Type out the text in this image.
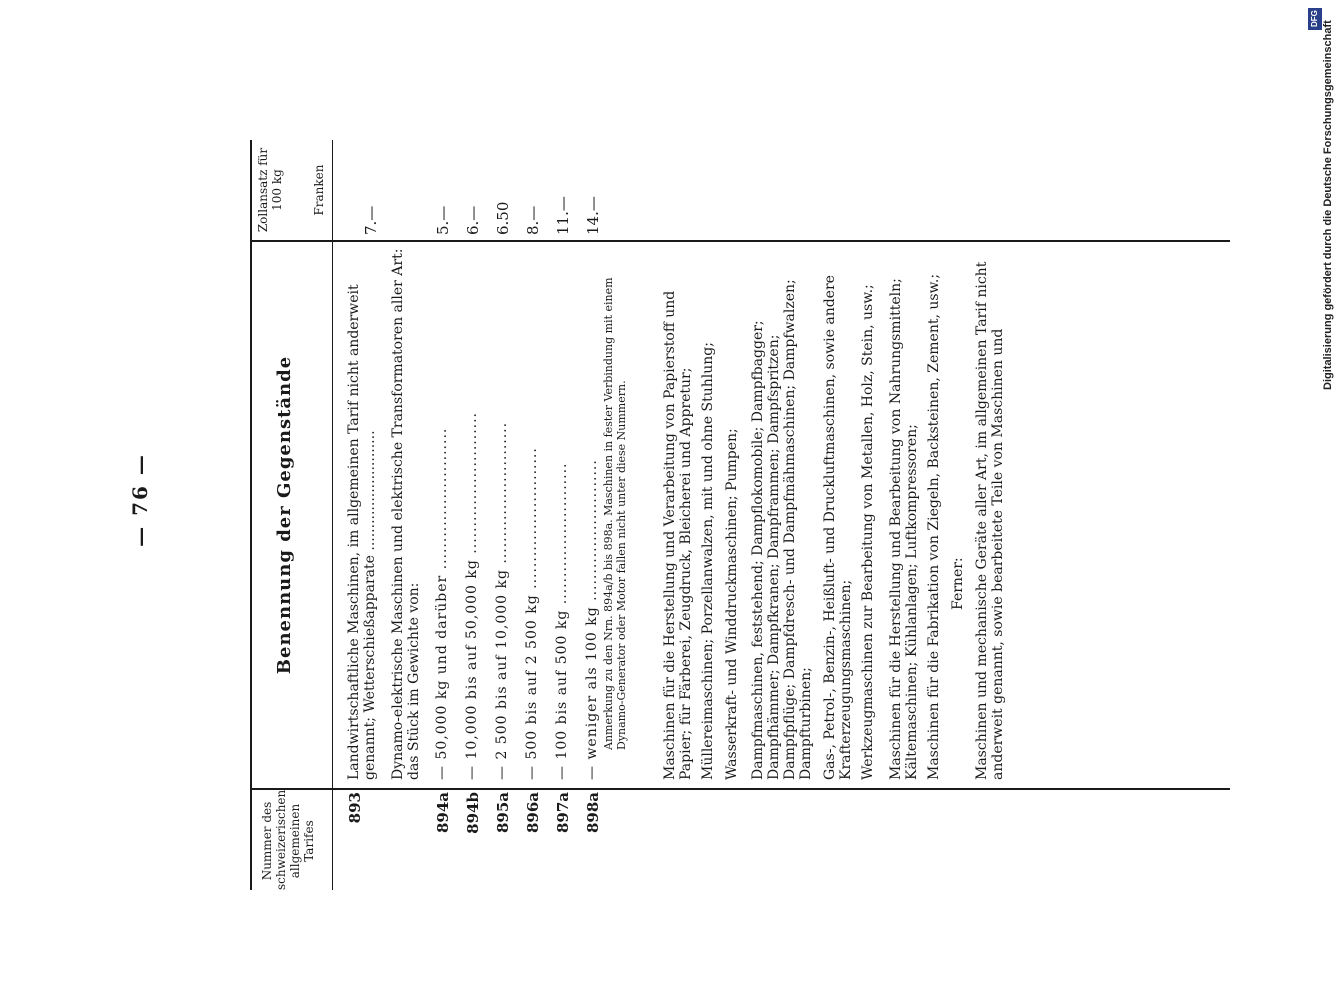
— 76 —
Nummer des schweizerischen allgemeinen Tarifes
Benennung der Gegenstände
Zollansatz für 100 kg Franken
893
Landwirtschaftliche Maschinen, im allgemeinen Tarif nicht anderweit genannt; Wetterschießapparate ...........................
7.—
Dynamo-elektrische Maschinen und elektrische Transformatoren aller Art: das Stück im Gewichte von:
894a
— 50,000 kg und darüber ..........................
5.—
894b
— 10,000 bis auf 50,000 kg ..........................
6.—
895a
— 2 500 bis auf 10,000 kg ..........................
6.50
896a
— 500 bis auf 2 500 kg ..........................
8.—
897a
— 100 bis auf 500 kg ..........................
11.—
898a
— weniger als 100 kg ..........................
14.—
Anmerkung zu den Nrn. 894a/b bis 898a. Maschinen in fester Verbindung mit einem Dynamo-Generator oder Motor fallen nicht unter diese Nummern. Maschinen für die Herstellung und Verarbeitung von Papierstoff und Papier; für Färberei, Zeugdruck, Bleicherei und Appretur; Müllereimaschinen; Porzellanwalzen, mit und ohne Stuhlung; Wasserkraft- und Winddruckmaschinen; Pumpen; Dampfmaschinen, feststehend; Dampflokomobile; Dampfbagger; Dampfhämmer; Dampfkranen; Dampframmen; Dampfspritzen; Dampfpflüge; Dampfdresch- und Dampfmähmaschinen; Dampfwalzen; Dampfturbinen; Gas-, Petrol-, Benzin-, Heißluft- und Druckluftmaschinen, sowie andere Krafterzeugungsmaschinen; Werkzeugmaschinen zur Bearbeitung von Metallen, Holz, Stein, usw.; Maschinen für die Herstellung und Bearbeitung von Nahrungsmitteln; Kältemaschinen; Kühlanlagen; Luftkompressoren; Maschinen für die Fabrikation von Ziegeln, Backsteinen, Zement, usw.; Ferner: Maschinen und mechanische Geräte aller Art, im allgemeinen Tarif nicht anderweit genannt, sowie bearbeitete Teile von Maschinen und
Digitalisierung gefördert durch die Deutsche Forschungsgemeinschaft
DFG
